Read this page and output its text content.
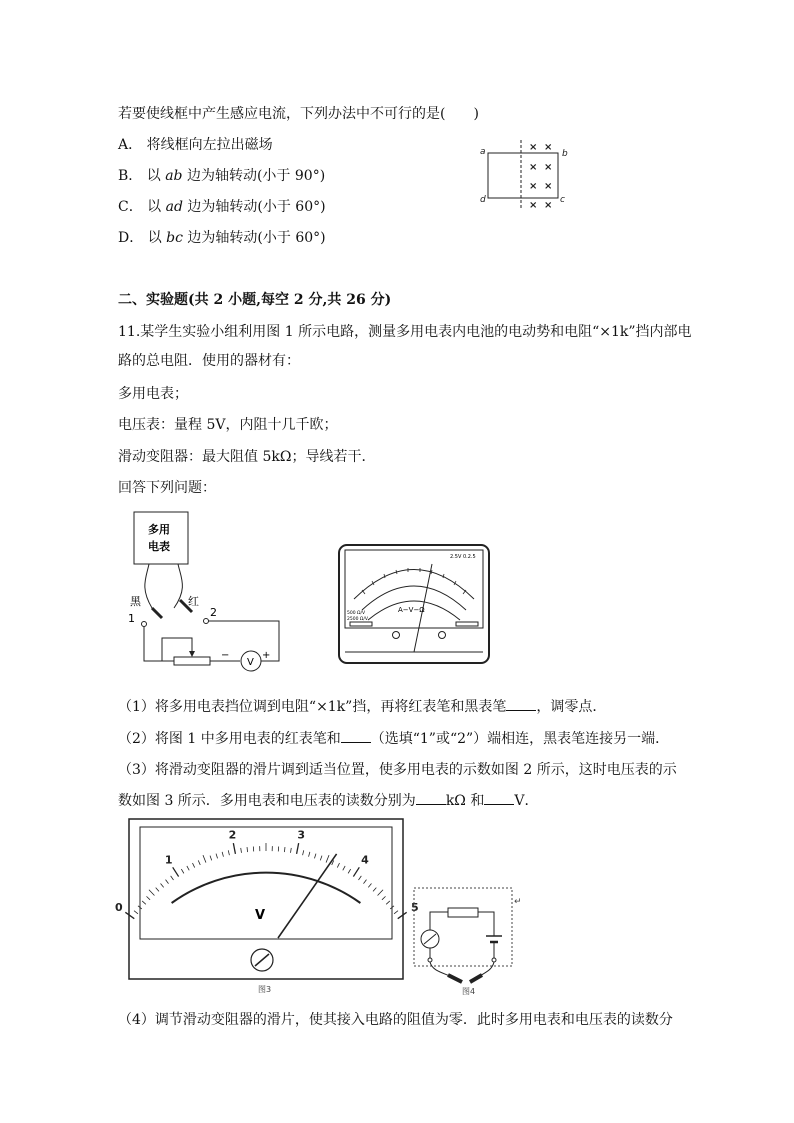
若要使线框中产生感应电流，下列办法中不可行的是(　　)
A． 将线框向左拉出磁场
B． 以 ab 边为轴转动(小于 90°)
C． 以 ad 边为轴转动(小于 60°)
D． 以 bc 边为轴转动(小于 60°)
× ×
× ×
× ×
× ×
a	b
c
d
二、实验题(共 2 小题,每空 2 分,共 26 分)
11.某学生实验小组利用图 1 所示电路，测量多用电表内电池的电动势和电阻“×1k”挡内部电
路的总电阻．使用的器材有：
多用电表；
电压表：量程 5V，内阻十几千欧；
滑动变阻器：最大阻值 5kΩ；导线若干．
回答下列问题：
多用
电表
黑	红
2
1
−
V
+
A−V−Ω
2.5V 0.2.5
500 Ω/V
2500 Ω/V
（1）将多用电表挡位调到电阻“×1k”挡，再将红表笔和黑表笔 ，调零点．
（2）将图 1 中多用电表的红表笔和 （选填“1”或“2”）端相连，黑表笔连接另一端．
（3）将滑动变阻器的滑片调到适当位置，使多用电表的示数如图 2 所示，这时电压表的示
数如图 3 所示．多用电表和电压表的读数分别为 kΩ 和 V．
0
1
2	3
4
5
V
图3
↵
图4
（4）调节滑动变阻器的滑片，使其接入电路的阻值为零．此时多用电表和电压表的读数分
